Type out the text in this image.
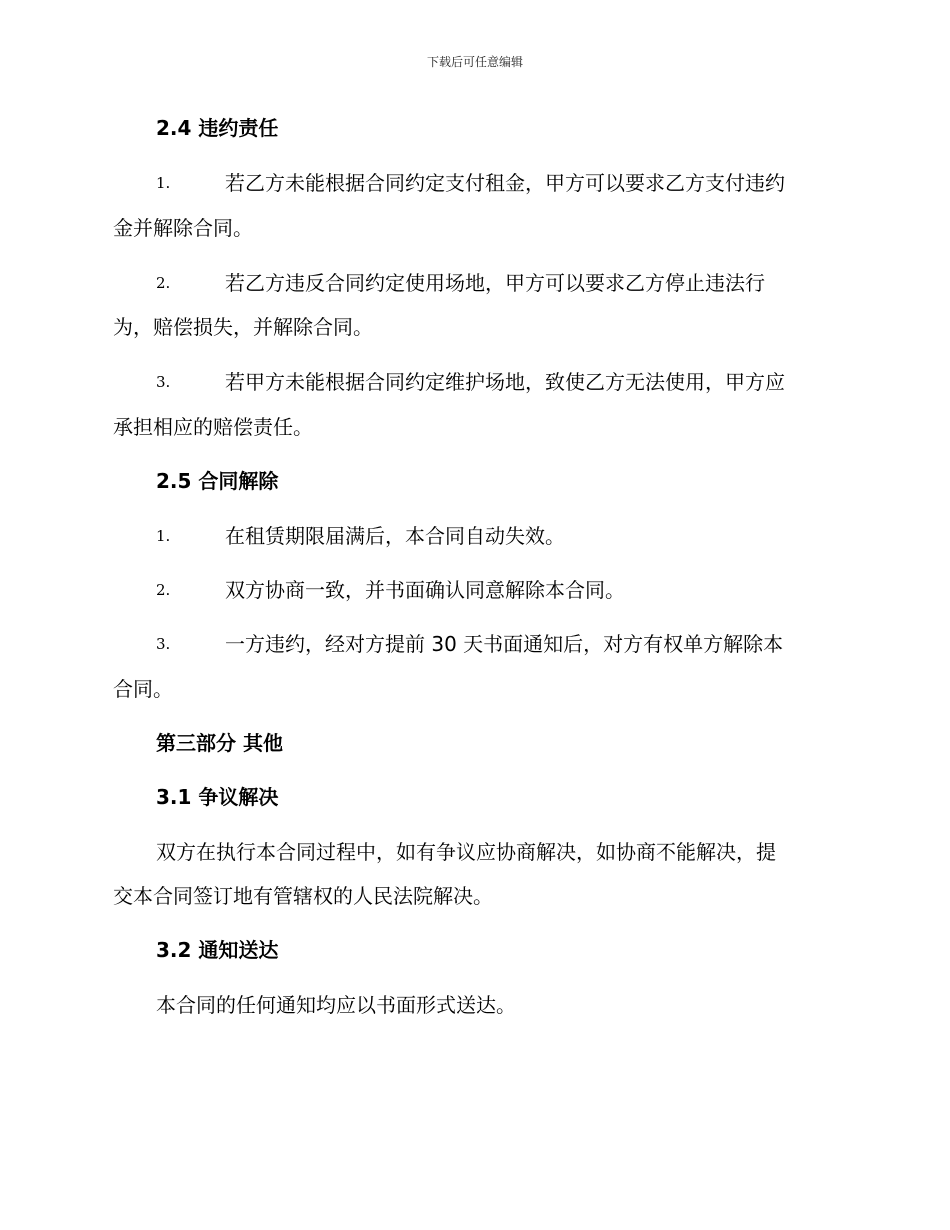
下载后可任意编辑
2.4 违约责任
1.	若乙方未能根据合同约定支付租金，甲方可以要求乙方支付违约
金并解除合同。
2.	若乙方违反合同约定使用场地，甲方可以要求乙方停止违法行
为，赔偿损失，并解除合同。
3.	若甲方未能根据合同约定维护场地，致使乙方无法使用，甲方应
承担相应的赔偿责任。
2.5 合同解除
1.	在租赁期限届满后，本合同自动失效。
2.	双方协商一致，并书面确认同意解除本合同。
3.	一方违约，经对方提前 30 天书面通知后，对方有权单方解除本
合同。
第三部分 其他
3.1 争议解决
双方在执行本合同过程中，如有争议应协商解决，如协商不能解决，提
交本合同签订地有管辖权的人民法院解决。
3.2 通知送达
本合同的任何通知均应以书面形式送达。
